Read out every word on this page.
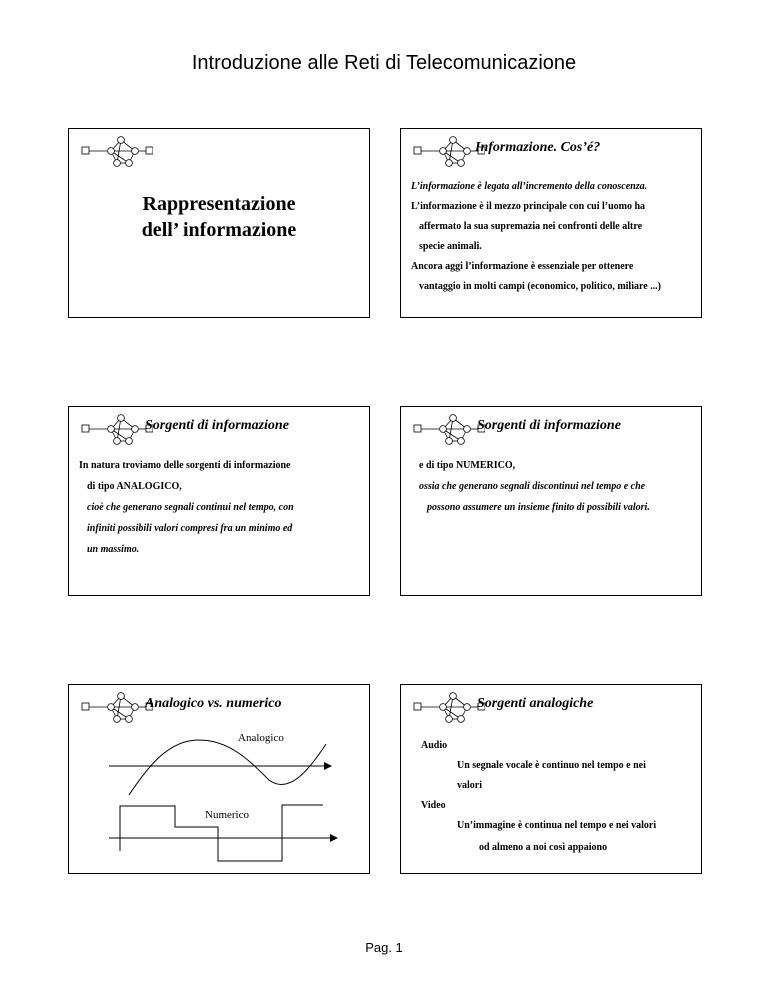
Introduzione alle Reti di Telecomunicazione
Rappresentazione
dell’ informazione
Informazione. Cos’é?
L’informazione è legata all’incremento della conoscenza.
L’informazione è il mezzo principale con cui l’uomo ha
affermato la sua supremazia nei confronti delle altre
specie animali.
Ancora aggi l’informazione è essenziale per ottenere
vantaggio in molti campi (economico, politico, miliare ...)
Sorgenti di informazione
In natura troviamo delle sorgenti di informazione
di tipo ANALOGICO,
cioè che generano segnali continui nel tempo, con
infiniti possibili valori compresi fra un minimo ed
un massimo.
Sorgenti di informazione
e di tipo NUMERICO,
ossia che generano segnali discontinui nel tempo e che
possono assumere un insieme finito di possibili valori.
Analogico vs. numerico
Analogico
Numerico
Sorgenti analogiche
Audio
Un segnale vocale è continuo nel tempo e nei
valori
Video
Un’immagine è continua nel tempo e nei valori
od almeno a noi così appaiono
Pag. 1
